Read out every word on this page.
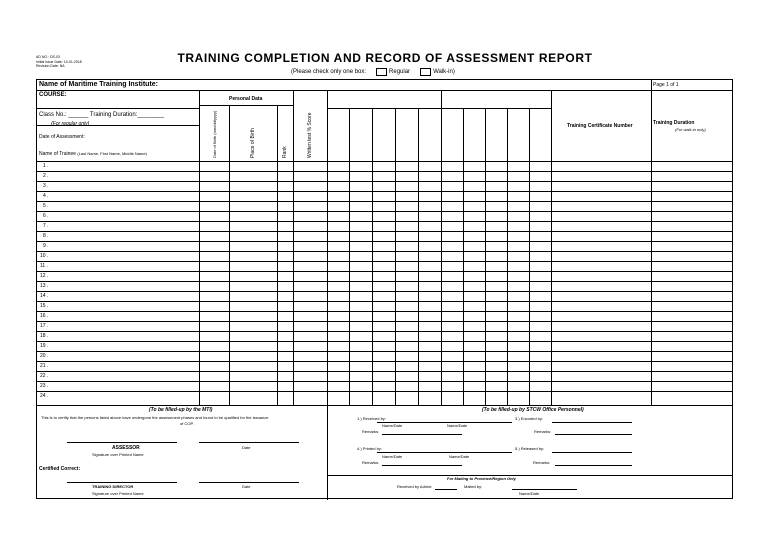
AD NO.: DS-03
Initial Issue Date: 10-01-2018
Revision Date: NA
TRAINING COMPLETION AND RECORD OF ASSESSMENT REPORT
(Please check only one box:	Regular	Walk-in)
Name of Maritime Training Institute:	Page 1 of 1
COURSE:
Personal Data
Class No.: ______ Training Duration:________
(For regular only)
Date of Assessment:
Name of Trainee (Last Name, First Name, Middle Name)	Date of Birth (mm/dd/yyyy)	Place of Birth	Rank	Written test % Score	Training Certificate Number	Training Duration
(For walk-in only)
1 .
2 .
3 .
4 .
5 .
6 .
7 .
8 .
9 .
10 .
11 .
12 .
13 .
14 .
15 .
16 .
17 .
18 .
19 .
20 .
21 .
22 .
23 .
24 .
(To be filled-up by the MTI)
This is to certify that the persons listed above have undergone the assessment phases and found to be qualified for the issuance
of COP.
ASSESSOR
Signature over Printed Name
Date
Certified Correct:
TRAINING DIRECTOR
Signature over Printed Name
Date
(To be filled-up by STCW Office Personnel)
1.) Received by:
Name/Date	Name/Date
Remarks:
3.) Encoded by:
Remarks:
4.) Printed by:
Name/Date	Name/Date
Remarks:
5.) Released by:
Remarks:
For Mailing to Province/Region Only
Received by Admin:	Mailed by:
Name/Date
